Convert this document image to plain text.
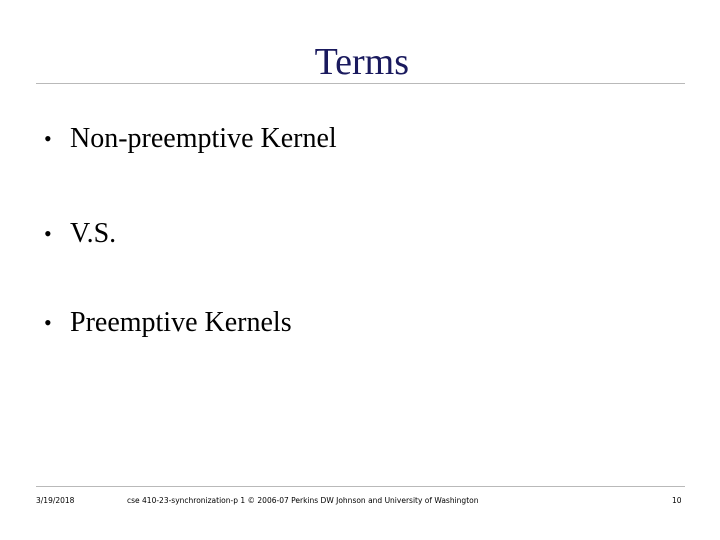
Terms
• Non-preemptive Kernel
• V.S.
• Preemptive Kernels
3/19/2018	cse 410-23-synchronization-p 1 © 2006-07 Perkins DW Johnson and University of Washington	10
